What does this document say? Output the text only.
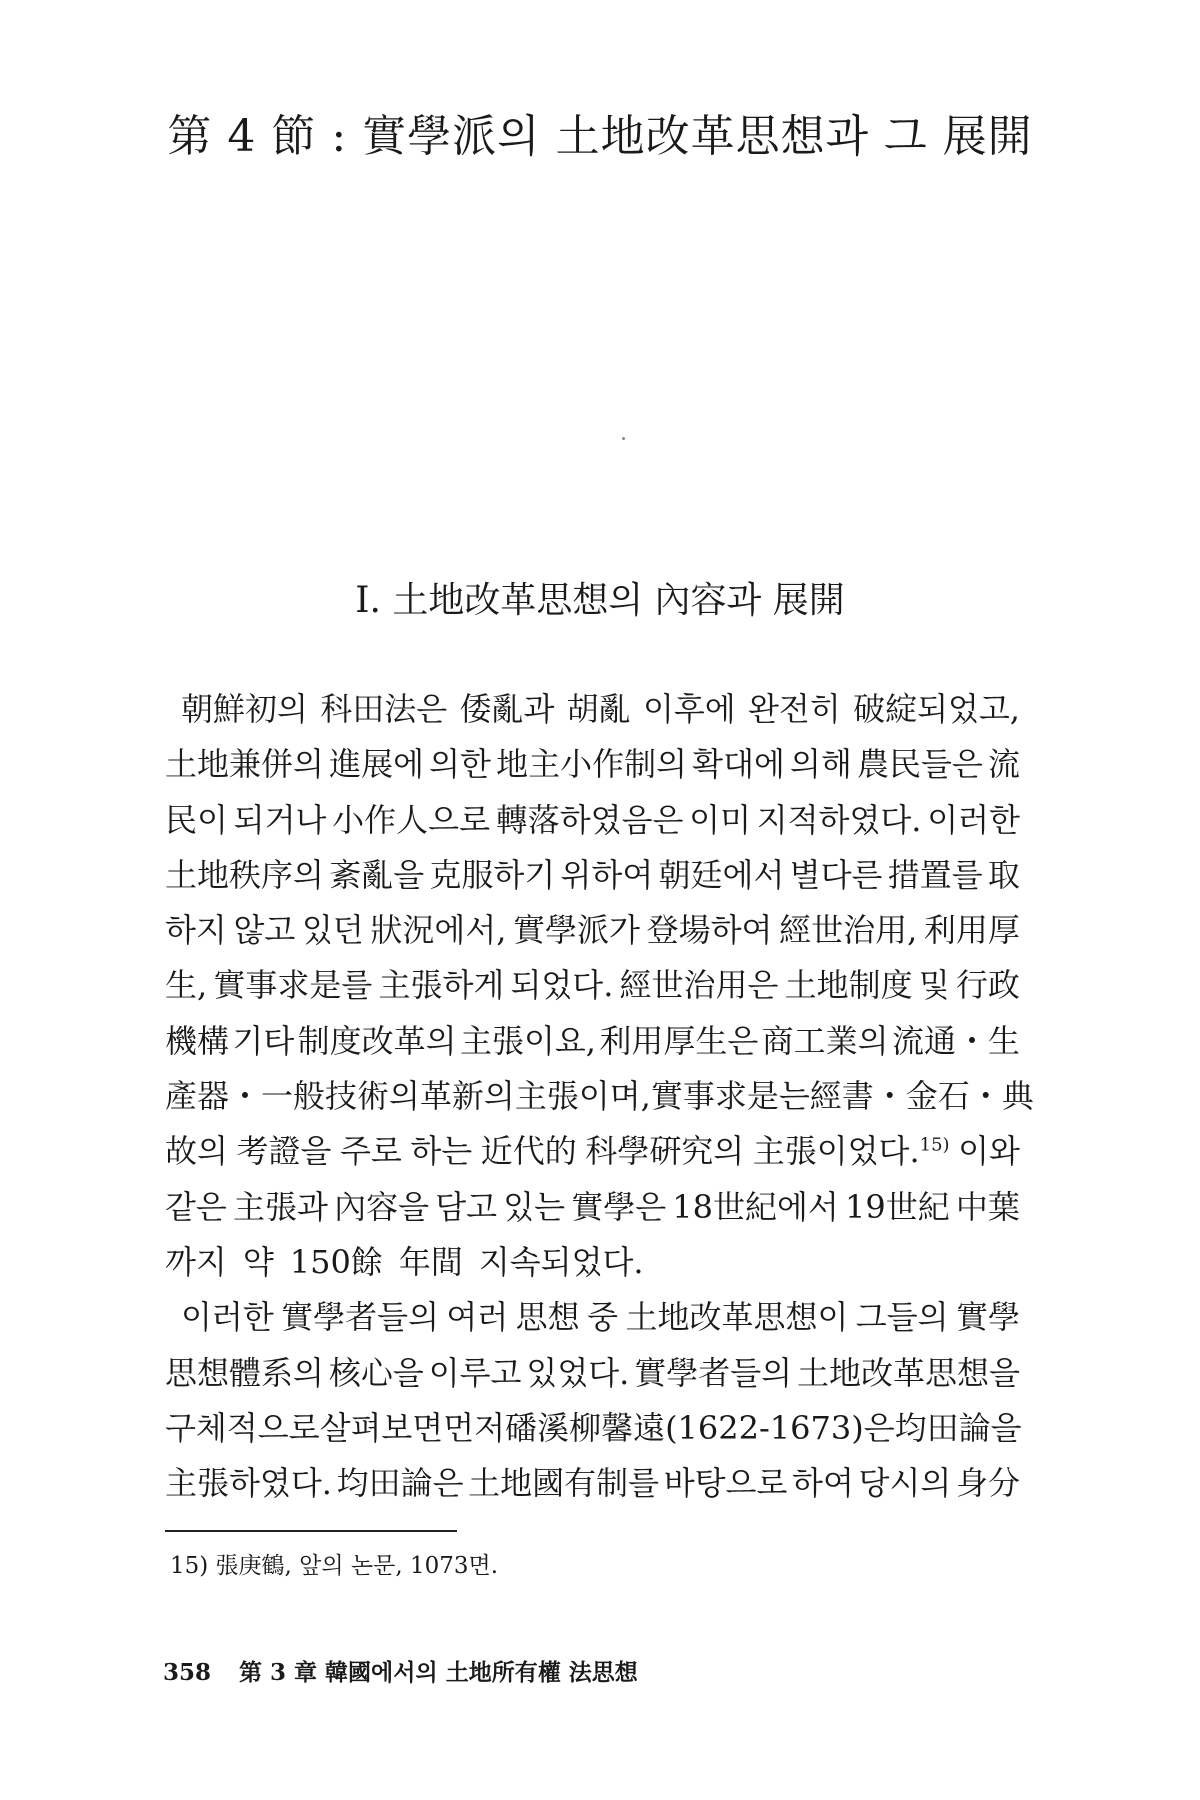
第 4 節 : 實學派의 土地改革思想과 그 展開
Ⅰ. 土地改革思想의 內容과 展開
朝鮮初의 科田法은 倭亂과 胡亂 이후에 완전히 破綻되었고,
土地兼併의 進展에 의한 地主小作制의 확대에 의해 農民들은 流
民이 되거나 小作人으로 轉落하였음은 이미 지적하였다. 이러한
土地秩序의 紊亂을 克服하기 위하여 朝廷에서 별다른 措置를 取
하지 않고 있던 狀況에서, 實學派가 登場하여 經世治用, 利用厚
生, 實事求是를 主張하게 되었다. 經世治用은 土地制度 및 行政
機構 기타 制度改革의 主張이요, 利用厚生은 商工業의 流通・生
產器・一般技術의 革新의 主張이며, 實事求是는 經書・金石・典
故의 考證을 주로 하는 近代的 科學硏究의 主張이었다.$^{15)}$ 이와
같은 主張과 內容을 담고 있는 實學은 18世紀에서 19世紀 中葉
까지 약 150餘 年間 지속되었다.
이러한 實學者들의 여러 思想 중 土地改革思想이 그들의 實學
思想體系의 核心을 이루고 있었다. 實學者들의 土地改革思想을
구체적으로 살펴보면 먼저 磻溪 柳馨遠(1622-1673)은 均田論을
主張하였다. 均田論은 土地國有制를 바탕으로 하여 당시의 身分
15) 張庚鶴, 앞의 논문, 1073면.
358 第 3 章 韓國에서의 土地所有權 法思想
